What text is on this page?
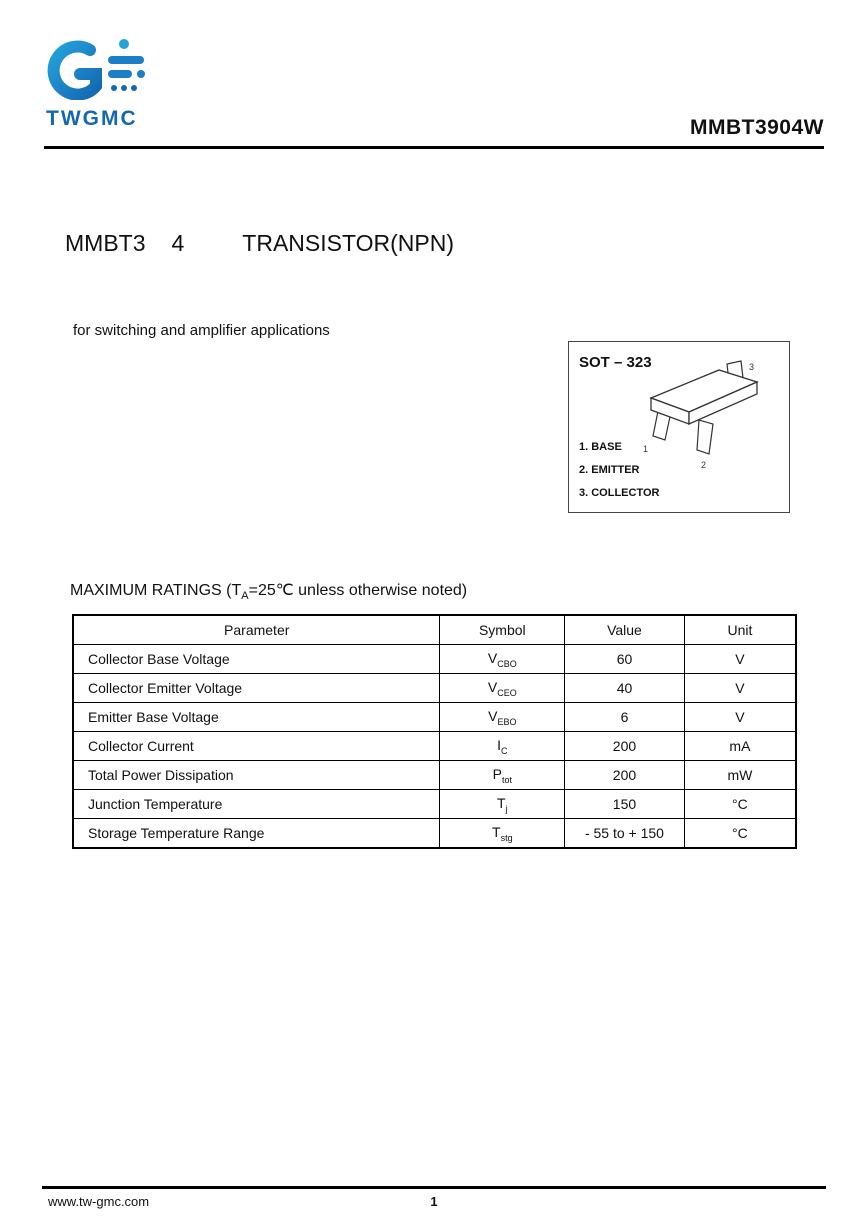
TWGMC	MMBT3904W
MMBT3 4	TRANSISTOR(NPN)

for switching and amplifier applications

SOT – 323	3
1
2
1. BASE
2. EMITTER
3. COLLECTOR
MAXIMUM RATINGS ($T_A=25℃$ unless otherwise noted)
Parameter	Symbol	Value	Unit
Collector Base Voltage	$V_{CBO}$	60	V
Collector Emitter Voltage	$V_{CEO}$	40	V
Emitter Base Voltage	$V_{EBO}$	6	V
Collector Current	$I_C$	200	mA
Total Power Dissipation	$P_{tot}$	200	mW
Junction Temperature	$T_j$	150	°C
Storage Temperature Range	$T_{stg}$	- 55 to + 150	°C
www.tw-gmc.com	1
